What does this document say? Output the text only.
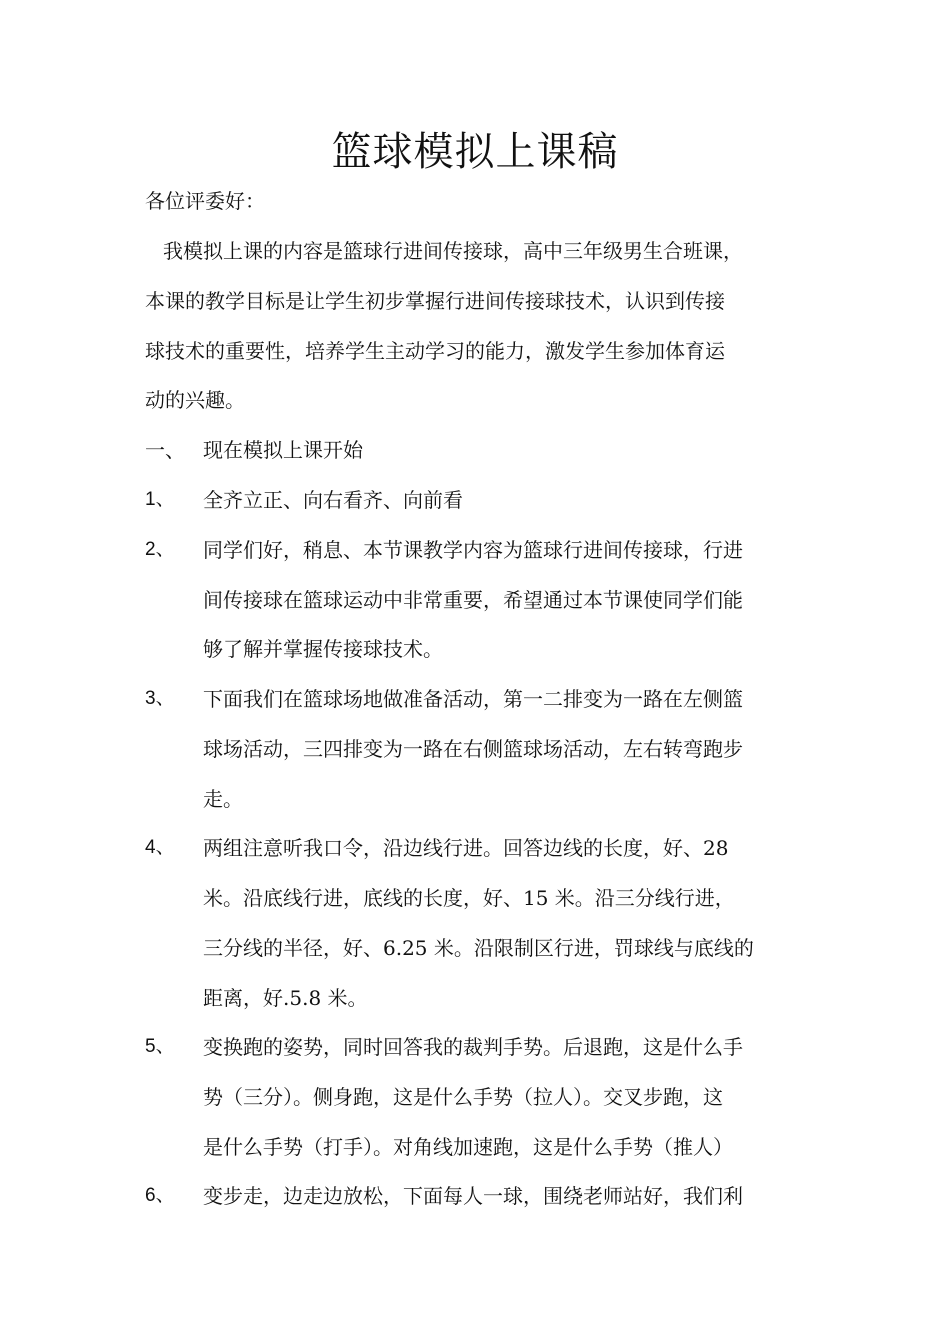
篮球模拟上课稿
各位评委好：
我模拟上课的内容是篮球行进间传接球，高中三年级男生合班课，
本课的教学目标是让学生初步掌握行进间传接球技术，认识到传接
球技术的重要性，培养学生主动学习的能力，激发学生参加体育运
动的兴趣。
一、 现在模拟上课开始
1、 全齐立正、向右看齐、向前看
2、 同学们好，稍息、本节课教学内容为篮球行进间传接球，行进
间传接球在篮球运动中非常重要，希望通过本节课使同学们能
够了解并掌握传接球技术。
3、 下面我们在篮球场地做准备活动，第一二排变为一路在左侧篮
球场活动，三四排变为一路在右侧篮球场活动，左右转弯跑步
走。
4、 两组注意听我口令，沿边线行进。回答边线的长度，好、28
米。沿底线行进，底线的长度，好、15 米。沿三分线行进，
三分线的半径，好、6.25 米。沿限制区行进，罚球线与底线的
距离，好.5.8 米。
5、 变换跑的姿势，同时回答我的裁判手势。后退跑，这是什么手
势（三分）。侧身跑，这是什么手势（拉人）。交叉步跑，这
是什么手势（打手）。对角线加速跑，这是什么手势（推人）
6、 变步走，边走边放松，下面每人一球，围绕老师站好，我们利
